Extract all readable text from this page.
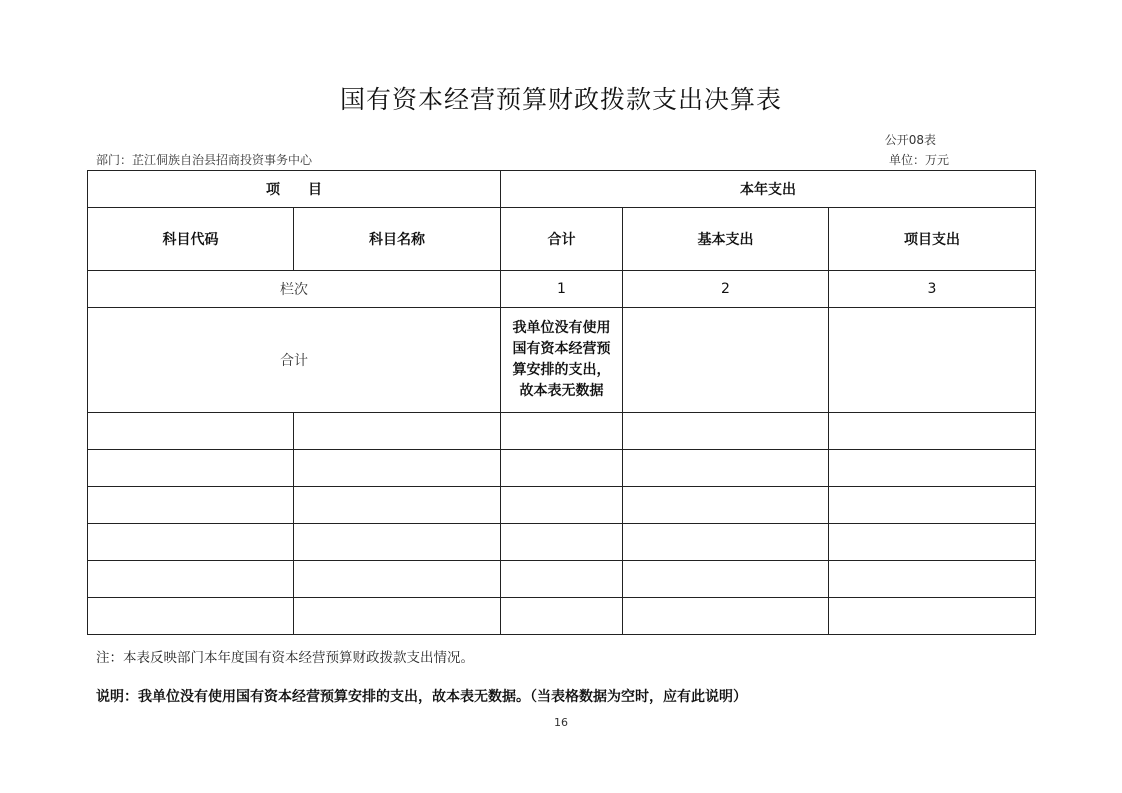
国有资本经营预算财政拨款支出决算表
公开08表
部门：芷江侗族自治县招商投资事务中心	单位：万元
项　　目		本年支出		
科目代码	科目名称	合计	基本支出	项目支出
栏次		1	2	3
合计		我单位没有使用国有资本经营预算安排的支出，故本表无数据		

注：本表反映部门本年度国有资本经营预算财政拨款支出情况。
说明：我单位没有使用国有资本经营预算安排的支出，故本表无数据。（当表格数据为空时，应有此说明）
16
